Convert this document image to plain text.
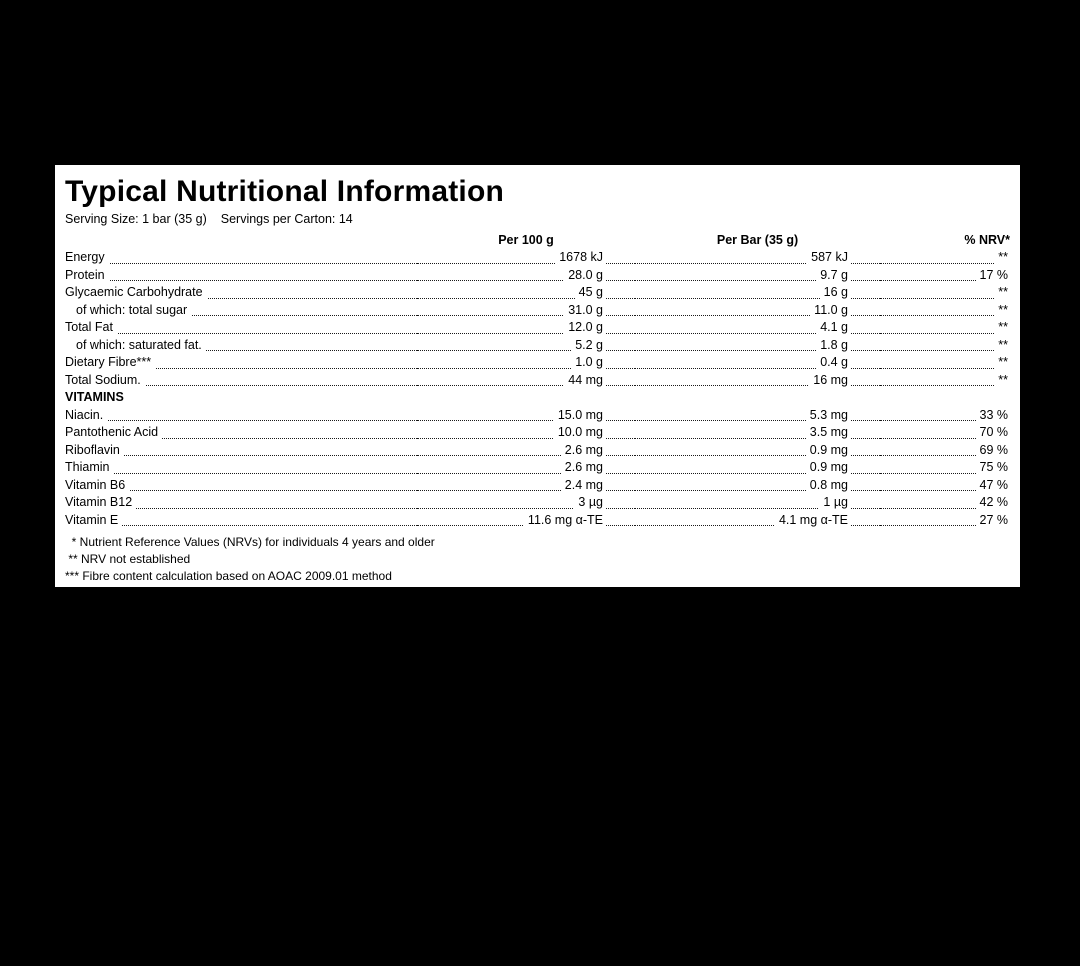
Typical Nutritional Information
Serving Size: 1 bar (35 g) Servings per Carton: 14
	Per 100 g	Per Bar (35 g)	% NRV*

Energy	1678 kJ	587 kJ	**

Protein	28.0 g	9.7 g	17 %

Glycaemic Carbohydrate	45 g	16 g	**

of which: total sugar	31.0 g	11.0 g	**

Total Fat	12.0 g	4.1 g	**

of which: saturated fat.	5.2 g	1.8 g	**

Dietary Fibre***	1.0 g	0.4 g	**

Total Sodium.	44 mg	16 mg	**
VITAMINS			

Niacin.	15.0 mg	5.3 mg	33 %

Pantothenic Acid	10.0 mg	3.5 mg	70 %

Riboflavin	2.6 mg	0.9 mg	69 %

Thiamin	2.6 mg	0.9 mg	75 %

Vitamin B6	2.4 mg	0.8 mg	47 %

Vitamin B12	3 µg	1 µg	42 %

Vitamin E	11.6 mg α-TE	4.1 mg α-TE	27 %
* Nutrient Reference Values (NRVs) for individuals 4 years and older
** NRV not established
*** Fibre content calculation based on AOAC 2009.01 method
